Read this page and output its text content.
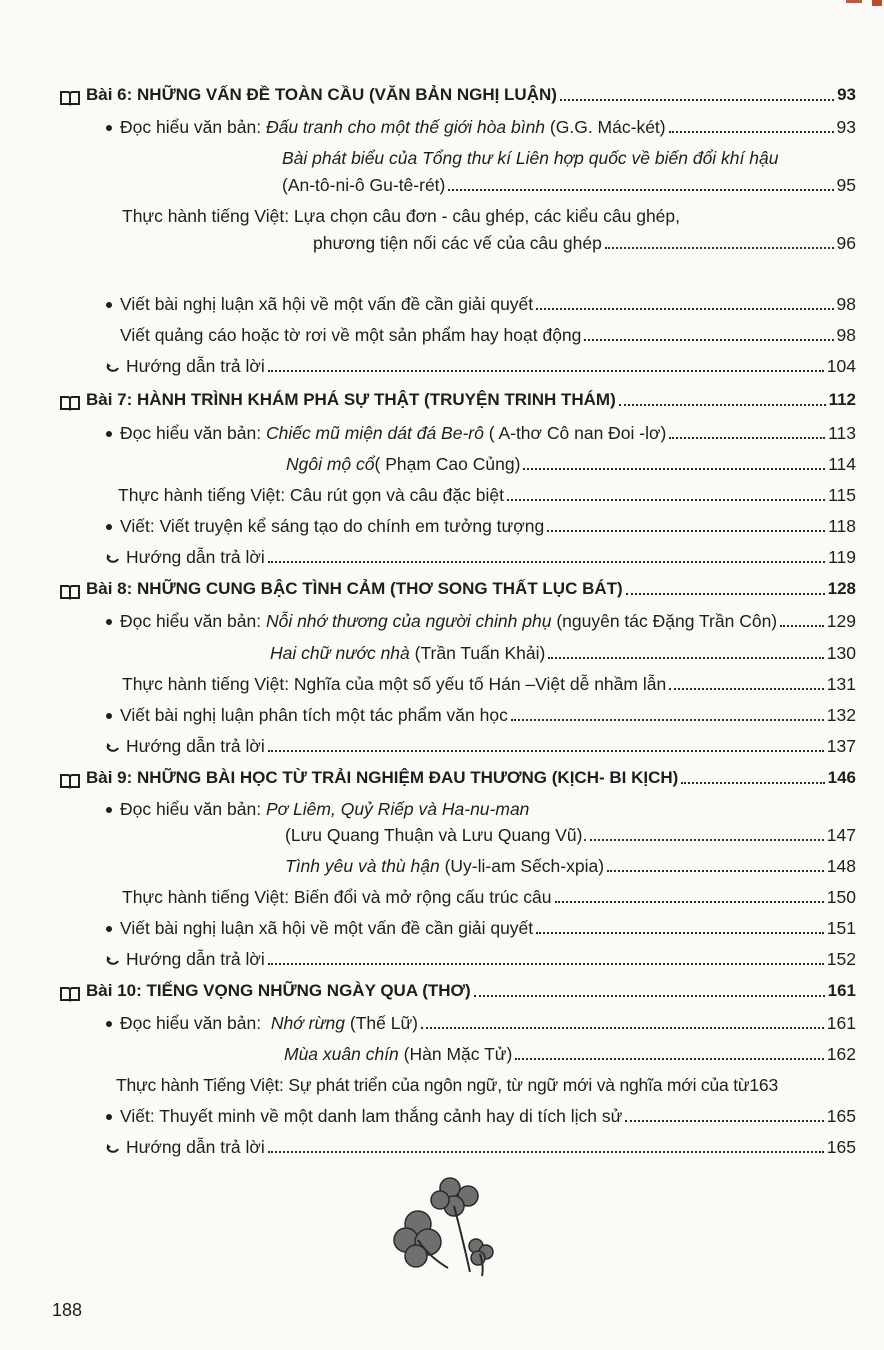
Bài 6: NHỮNG VẤN ĐỀ TOÀN CẦU (VĂN BẢN NGHỊ LUẬN)	93
Đọc hiểu văn bản: Đấu tranh cho một thế giới hòa bình (G.G. Mác-két)	93
Bài phát biểu của Tổng thư kí Liên hợp quốc về biến đổi khí hậu
(An-tô-ni-ô Gu-tê-rét)	95
Thực hành tiếng Việt: Lựa chọn câu đơn - câu ghép, các kiểu câu ghép,
phương tiện nối các vế của câu ghép	96
Viết bài nghị luận xã hội về một vấn đề cần giải quyết	98
Viết quảng cáo hoặc tờ rơi về một sản phẩm hay hoạt động	98
Hướng dẫn trả lời	104
Bài 7: HÀNH TRÌNH KHÁM PHÁ SỰ THẬT (TRUYỆN TRINH THÁM)	112
Đọc hiểu văn bản: Chiếc mũ miện dát đá Be-rô ( A-thơ Cô nan Đoi -lơ)	113
Ngôi mộ cổ( Phạm Cao Củng)	114
Thực hành tiếng Việt: Câu rút gọn và câu đặc biệt	115
Viết: Viết truyện kể sáng tạo do chính em tưởng tượng	118
Hướng dẫn trả lời	119
Bài 8: NHỮNG CUNG BẬC TÌNH CẢM (THƠ SONG THẤT LỤC BÁT)	128
Đọc hiểu văn bản: Nỗi nhớ thương của người chinh phụ (nguyên tác Đặng Trần Côn)	129
Hai chữ nước nhà (Trần Tuấn Khải)	130
Thực hành tiếng Việt: Nghĩa của một số yếu tố Hán –Việt dễ nhầm lẫn	131
Viết bài nghị luận phân tích một tác phẩm văn học	132
Hướng dẫn trả lời	137
Bài 9: NHỮNG BÀI HỌC TỪ TRẢI NGHIỆM ĐAU THƯƠNG (KỊCH- BI KỊCH)	146
Đọc hiểu văn bản:
Pơ Liêm, Quỷ Riếp và Ha-nu-man
(Lưu Quang Thuận và Lưu Quang Vũ).	147
Tình yêu và thù hận (Uy-li-am Sếch-xpia)	148
Thực hành tiếng Việt: Biến đổi và mở rộng cấu trúc câu	150
Viết bài nghị luận xã hội về một vấn đề cần giải quyết	151
Hướng dẫn trả lời	152
Bài 10: TIẾNG VỌNG NHỮNG NGÀY QUA (THƠ)	161
Đọc hiểu văn bản: Nhớ rừng (Thế Lữ)	161
Mùa xuân chín (Hàn Mặc Tử)	162
Thực hành Tiếng Việt: Sự phát triển của ngôn ngữ, từ ngữ mới và nghĩa mới của từ 163
Viết: Thuyết minh về một danh lam thắng cảnh hay di tích lịch sử	165
Hướng dẫn trả lời	165
188
